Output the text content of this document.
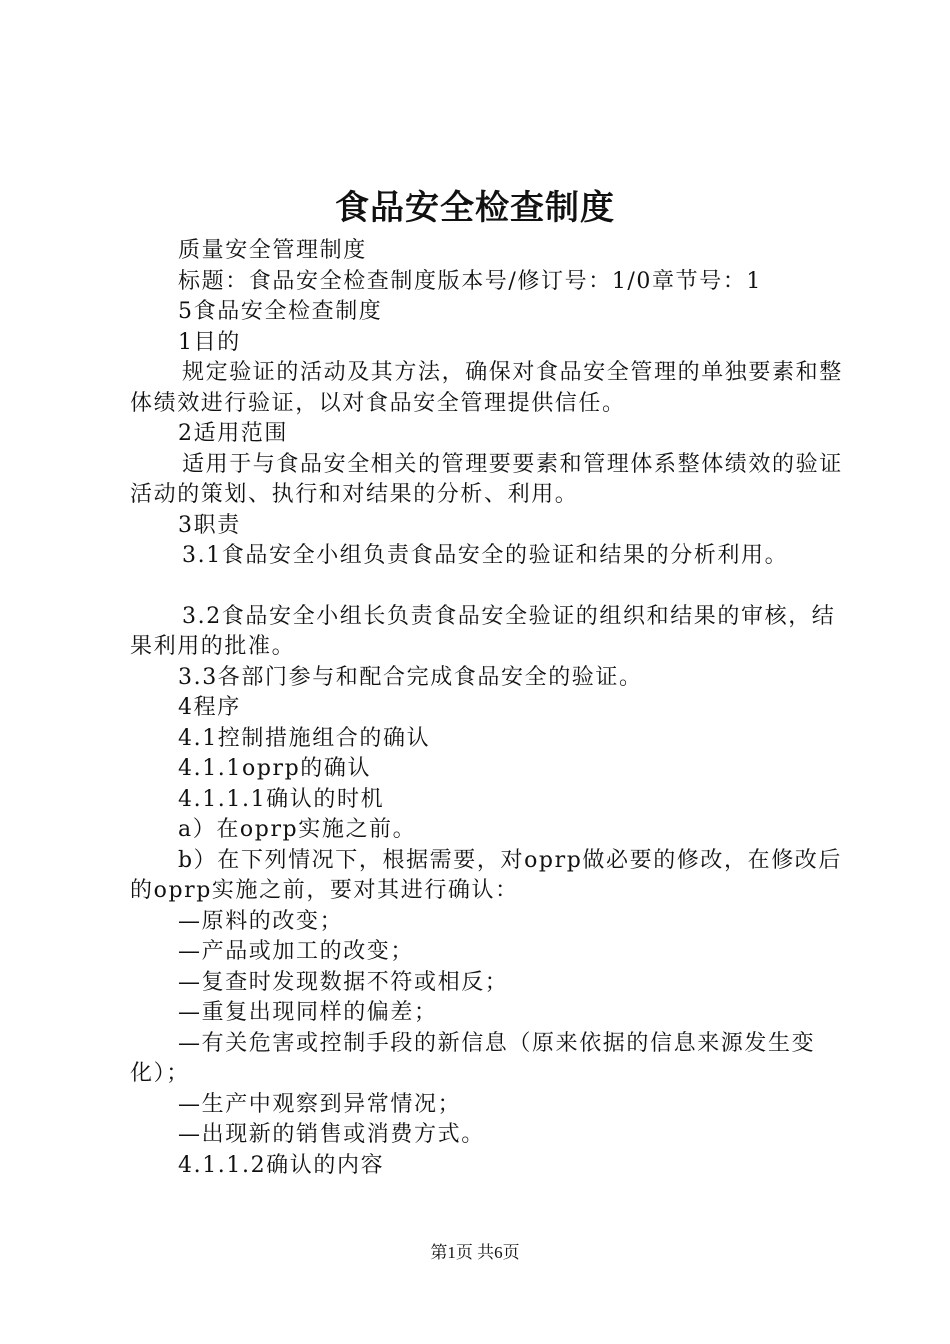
食品安全检查制度

质量安全管理制度

标题：食品安全检查制度版本号/修订号：1/0章节号：1

5食品安全检查制度

1目的

规定验证的活动及其方法，确保对食品安全管理的单独要素和整体绩效进行验证，以对食品安全管理提供信任。

2适用范围

适用于与食品安全相关的管理要要素和管理体系整体绩效的验证活动的策划、执行和对结果的分析、利用。

3职责

3.1食品安全小组负责食品安全的验证和结果的分析利用。

3.2食品安全小组长负责食品安全验证的组织和结果的审核，结果利用的批准。

3.3各部门参与和配合完成食品安全的验证。

4程序

4.1控制措施组合的确认

4.1.1oprp的确认

4.1.1.1确认的时机

a）在oprp实施之前。

b）在下列情况下，根据需要，对oprp做必要的修改，在修改后的oprp实施之前，要对其进行确认：

—原料的改变；

—产品或加工的改变；

—复查时发现数据不符或相反；

—重复出现同样的偏差；

—有关危害或控制手段的新信息（原来依据的信息来源发生变化）；

—生产中观察到异常情况；

—出现新的销售或消费方式。

4.1.1.2确认的内容

第1页 共6页
